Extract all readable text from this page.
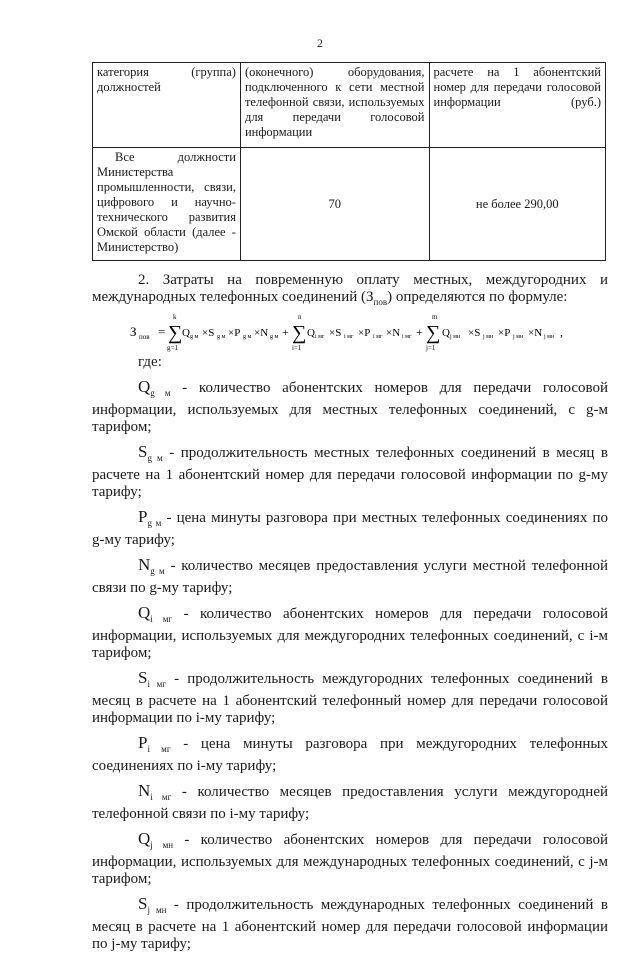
2
категория (группа) должностей	(оконечного) оборудования, подключенного к сети местной телефонной связи, используемых для передачи голосовой информации	расчете на 1 абонентский номер для передачи голосовой информации (руб.)
Все должности Министерства промышленности, связи, цифрового и научно-технического развития Омской области (далее - Министерство)	70	не более 290,00

2. Затраты на повременную оплату местных, междугородних и международных телефонных соединений $(З_{пов})$ определяются по формуле:

З пов =
k
∑
g=1
Q g м ×S g м ×P g м ×N g м +
n
∑
i=1
Q i мг ×S i мг ×P i мг ×N i мг +
m
∑
j=1
Q j мн ×S j мн ×P j мн ×N j мн ,

где:

$Q_{g м}$ - количество абонентских номеров для передачи голосовой информации, используемых для местных телефонных соединений, с g-м тарифом;

$S_{g м}$ - продолжительность местных телефонных соединений в месяц в расчете на 1 абонентский номер для передачи голосовой информации по g-му тарифу;

$P_{g м}$ - цена минуты разговора при местных телефонных соединениях по g-му тарифу;

$N_{g м}$ - количество месяцев предоставления услуги местной телефонной связи по g-му тарифу;

$Q_{i мг}$ - количество абонентских номеров для передачи голосовой информации, используемых для междугородних телефонных соединений, с i-м тарифом;

$S_{i мг}$ - продолжительность междугородних телефонных соединений в месяц в расчете на 1 абонентский телефонный номер для передачи голосовой информации по i-му тарифу;

$P_{i мг}$ - цена минуты разговора при междугородних телефонных соединениях по i-му тарифу;

$N_{i мг}$ - количество месяцев предоставления услуги междугородней телефонной связи по i-му тарифу;

$Q_{j мн}$ - количество абонентских номеров для передачи голосовой информации, используемых для международных телефонных соединений, с j-м тарифом;

$S_{j мн}$ - продолжительность международных телефонных соединений в месяц в расчете на 1 абонентский номер для передачи голосовой информации по j-му тарифу;
